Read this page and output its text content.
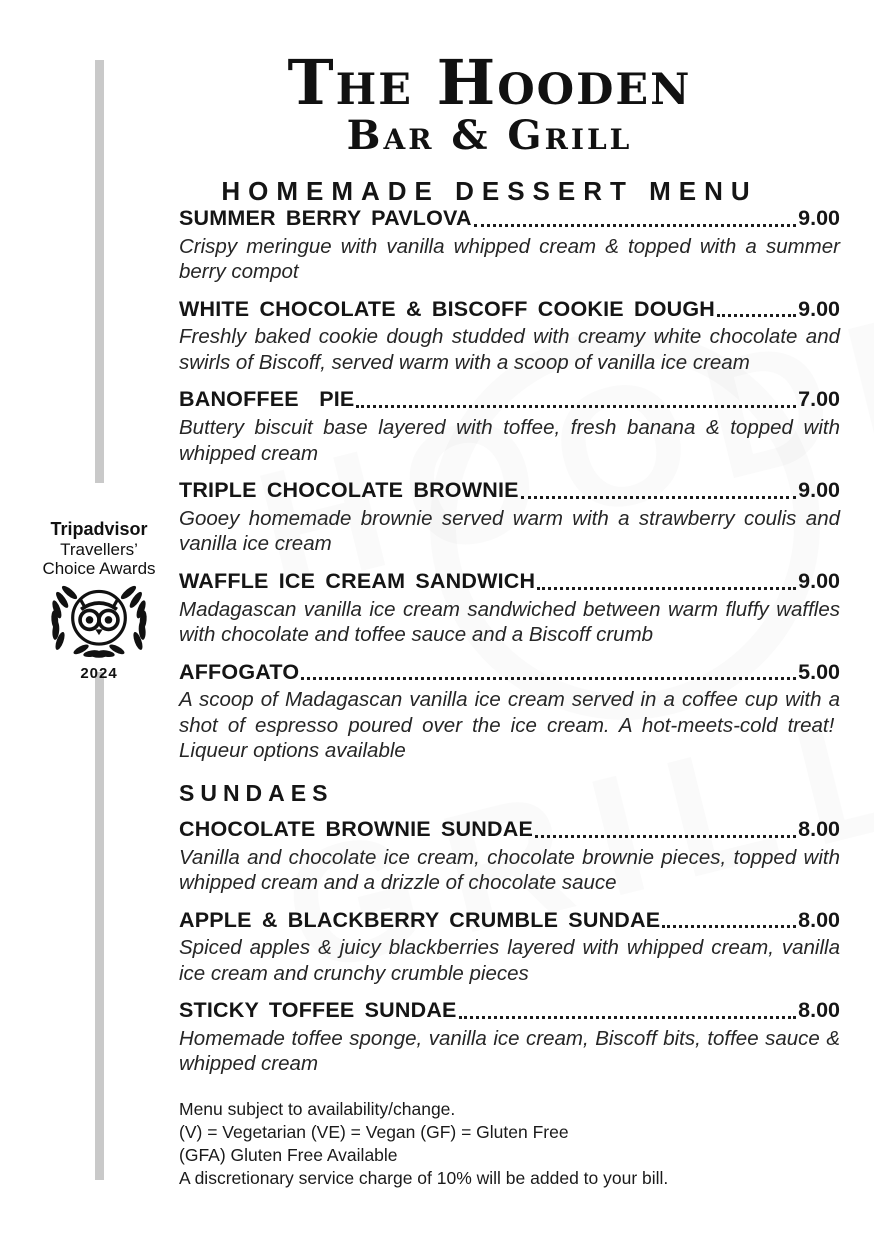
The Hooden
Bar & Grill
HOMEMADE DESSERT MENU
Tripadvisor
Travellers’
Choice Awards
2024
SUMMER BERRY PAVLOVA	9.00

Crispy meringue with vanilla whipped cream & topped with a summer berry compot

WHITE CHOCOLATE & BISCOFF COOKIE DOUGH	9.00

Freshly baked cookie dough studded with creamy white chocolate and swirls of Biscoff, served warm with a scoop of vanilla ice cream

BANOFFEE  PIE	7.00

Buttery biscuit base layered with toffee, fresh banana & topped with whipped cream

TRIPLE CHOCOLATE BROWNIE	9.00

Gooey homemade brownie served warm with a strawberry coulis and vanilla ice cream

WAFFLE ICE CREAM SANDWICH	9.00

Madagascan vanilla ice cream sandwiched between warm fluffy waffles with chocolate and toffee sauce and a Biscoff crumb

AFFOGATO	5.00

A scoop of Madagascan vanilla ice cream served in a coffee cup with a shot of espresso poured over the ice cream. A hot-meets-cold treat!  Liqueur options available

SUNDAES
CHOCOLATE BROWNIE SUNDAE	8.00

Vanilla and chocolate ice cream, chocolate brownie pieces, topped with whipped cream and a drizzle of chocolate sauce

APPLE & BLACKBERRY CRUMBLE SUNDAE	8.00

Spiced apples & juicy blackberries layered with whipped cream, vanilla ice cream and crunchy crumble pieces

STICKY TOFFEE SUNDAE	8.00

Homemade toffee sponge, vanilla ice cream, Biscoff bits, toffee sauce & whipped cream

Menu subject to availability/change.
(V) = Vegetarian (VE) = Vegan (GF) = Gluten Free
(GFA) Gluten Free Available
A discretionary service charge of 10% will be added to your bill.
